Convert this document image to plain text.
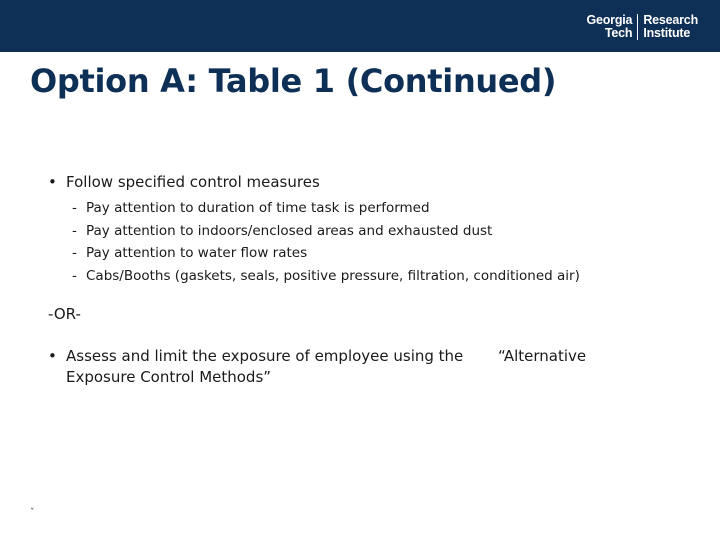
Georgia
Tech
Research
Institute
Option A: Table 1 (Continued)
• Follow specified control measures
- Pay attention to duration of time task is performed
- Pay attention to indoors/enclosed areas and exhausted dust
- Pay attention to water flow rates
- Cabs/Booths (gaskets, seals, positive pressure, filtration, conditioned air)
-OR-
• Assess and limit the exposure of employee using the Exposure Control Methods”
“Alternative
ˇ
